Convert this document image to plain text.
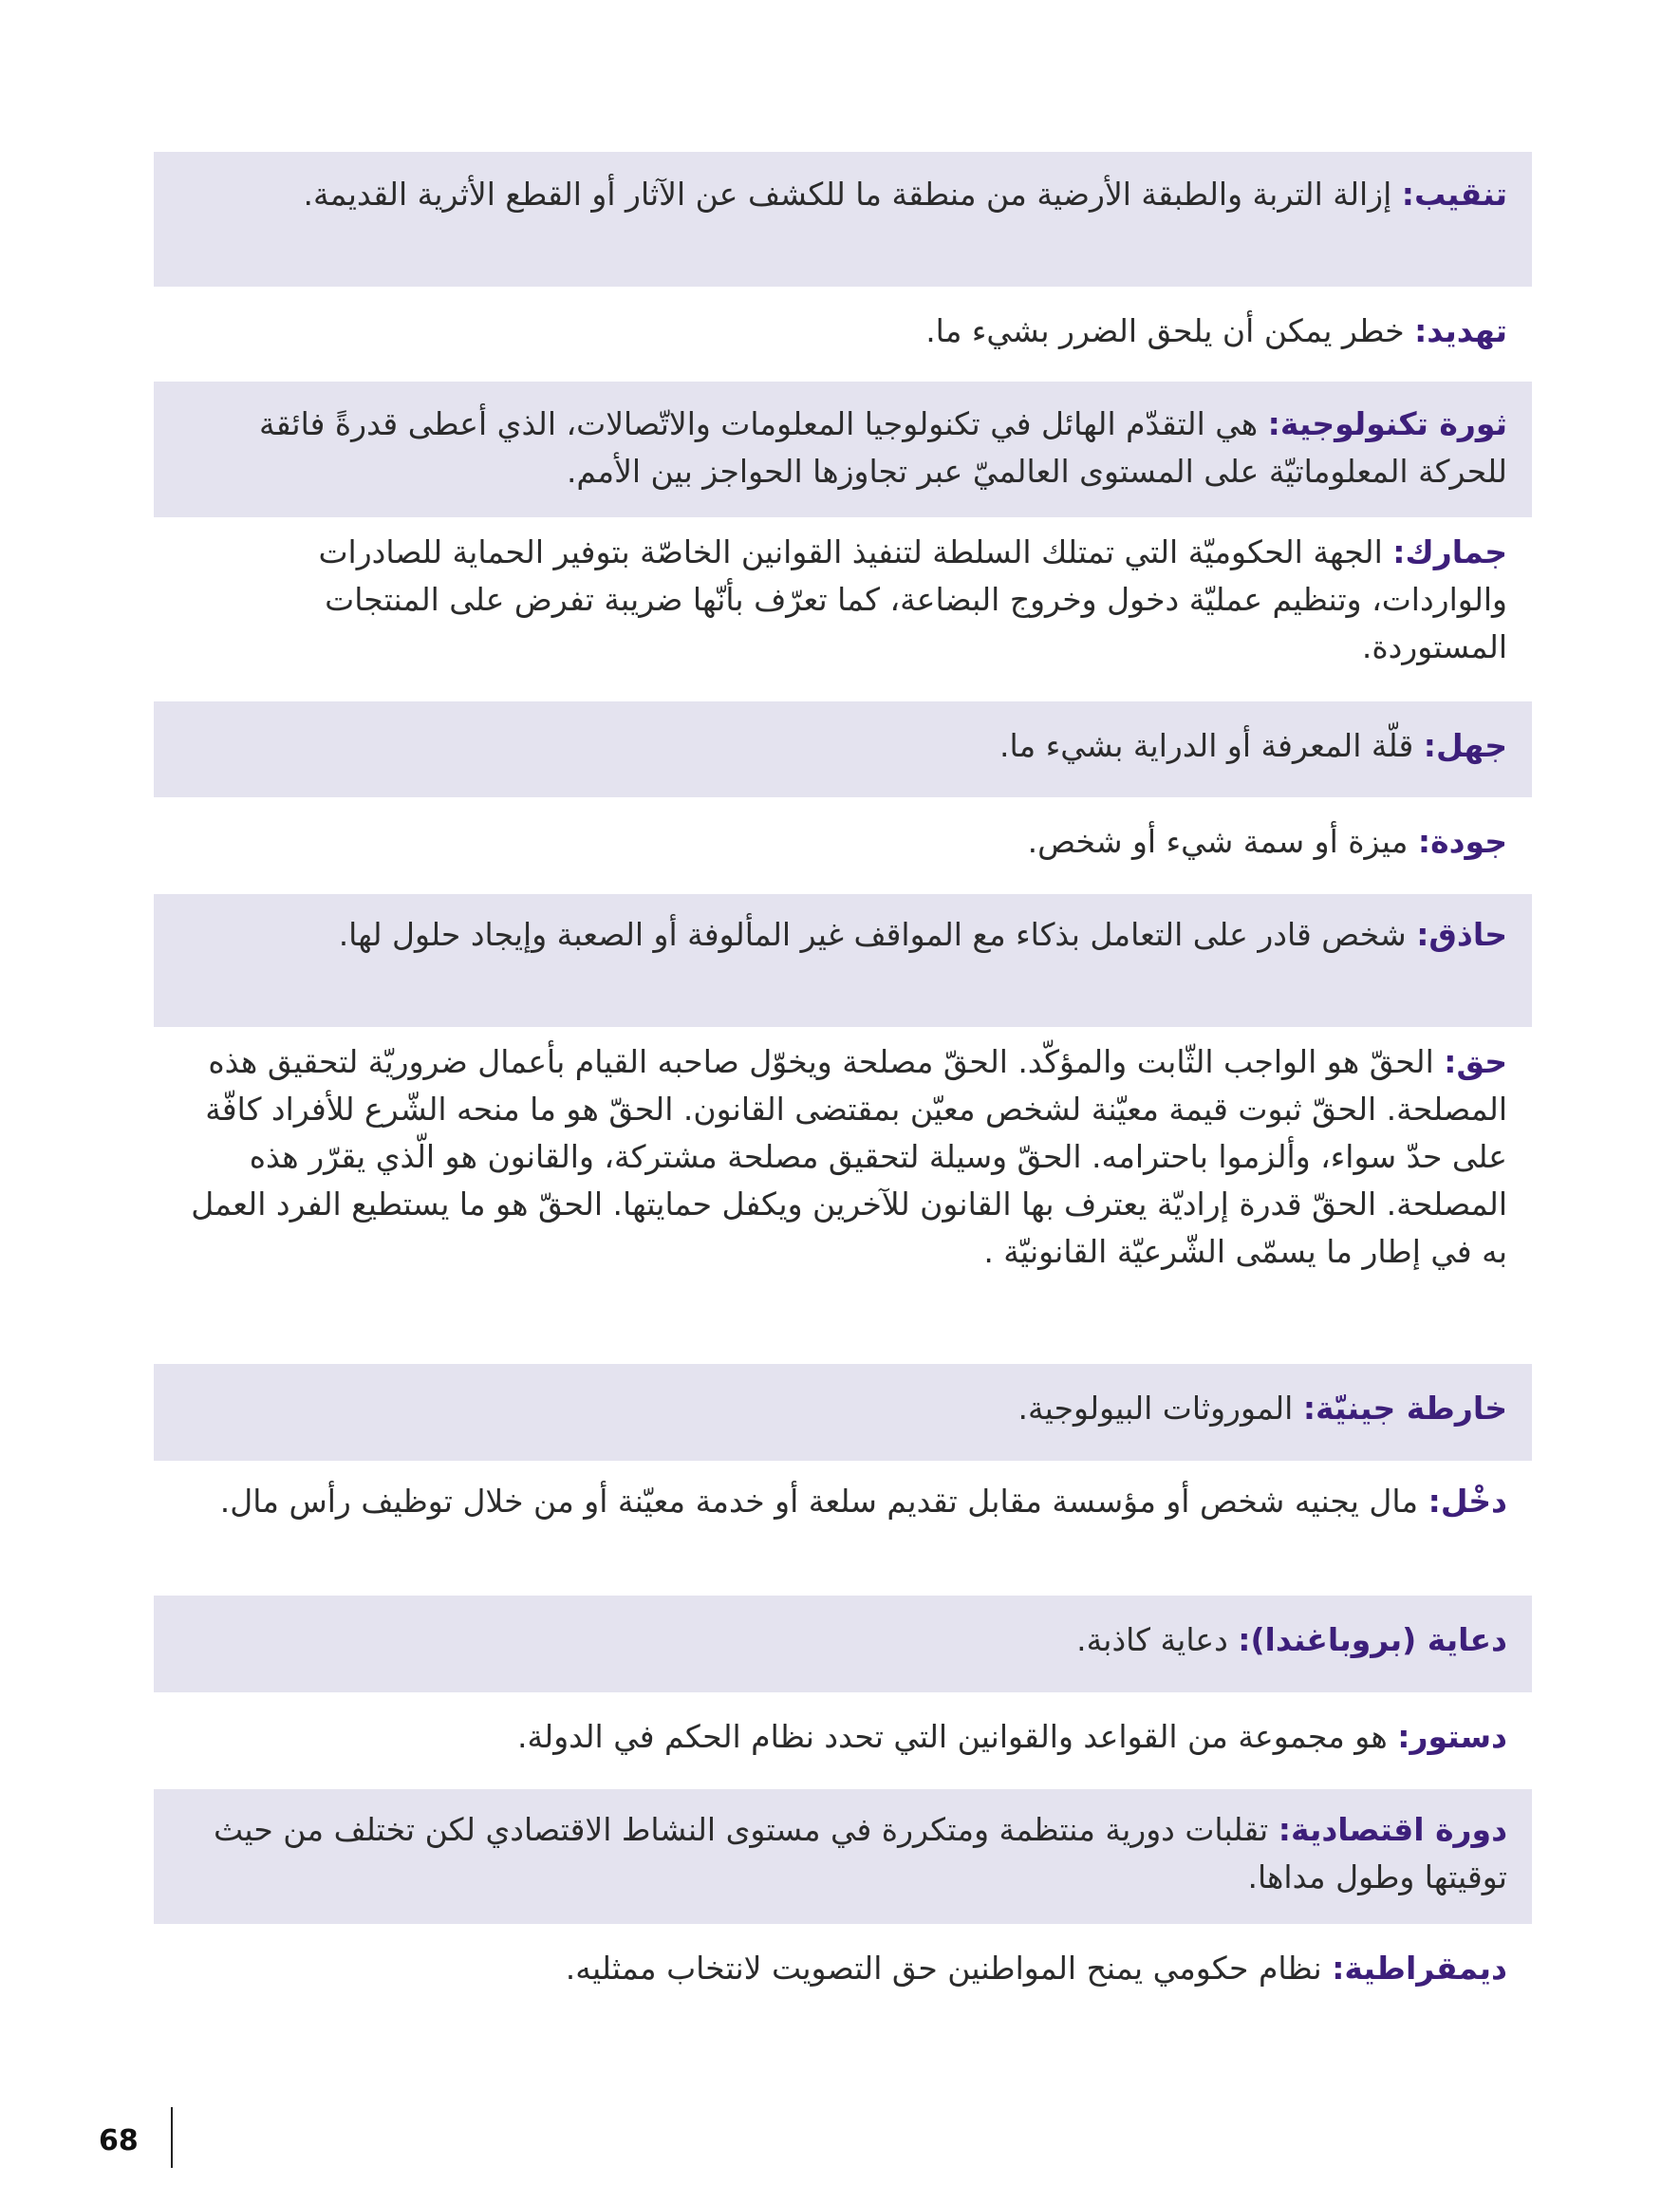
تنقيب: إزالة التربة والطبقة الأرضية من منطقة ما للكشف عن الآثار أو القطع الأثرية القديمة.
تهديد: خطر يمكن أن يلحق الضرر بشيء ما.
ثورة تكنولوجية: هي التقدّم الهائل في تكنولوجيا المعلومات والاتّصالات، الذي أعطى قدرةً فائقة للحركة المعلوماتيّة على المستوى العالميّ عبر تجاوزها الحواجز بين الأمم.
جمارك: الجهة الحكوميّة التي تمتلك السلطة لتنفيذ القوانين الخاصّة بتوفير الحماية للصادرات والواردات، وتنظيم عمليّة دخول وخروج البضاعة، كما تعرّف بأنّها ضريبة تفرض على المنتجات المستوردة.
جهل: قلّة المعرفة أو الدراية بشيء ما.
جودة: ميزة أو سمة شيء أو شخص.
حاذق: شخص قادر على التعامل بذكاء مع المواقف غير المألوفة أو الصعبة وإيجاد حلول لها.
حق: الحقّ هو الواجب الثّابت والمؤكّد. الحقّ مصلحة ويخوّل صاحبه القيام بأعمال ضروريّة لتحقيق هذه المصلحة. الحقّ ثبوت قيمة معيّنة لشخص معيّن بمقتضى القانون. الحقّ هو ما منحه الشّرع للأفراد كافّة على حدّ سواء، وألزموا باحترامه. الحقّ وسيلة لتحقيق مصلحة مشتركة، والقانون هو الّذي يقرّر هذه المصلحة. الحقّ قدرة إراديّة يعترف بها القانون للآخرين ويكفل حمايتها. الحقّ هو ما يستطيع الفرد العمل به في إطار ما يسمّى الشّرعيّة القانونيّة .
خارطة جينيّة: الموروثات البيولوجية.
دخْل: مال يجنيه شخص أو مؤسسة مقابل تقديم سلعة أو خدمة معيّنة أو من خلال توظيف رأس مال.
دعاية (بروباغندا): دعاية كاذبة.
دستور: هو مجموعة من القواعد والقوانين التي تحدد نظام الحكم في الدولة.
دورة اقتصادية: تقلبات دورية منتظمة ومتكررة في مستوى النشاط الاقتصادي لكن تختلف من حيث توقيتها وطول مداها.
ديمقراطية: نظام حكومي يمنح المواطنين حق التصويت لانتخاب ممثليه.
68
